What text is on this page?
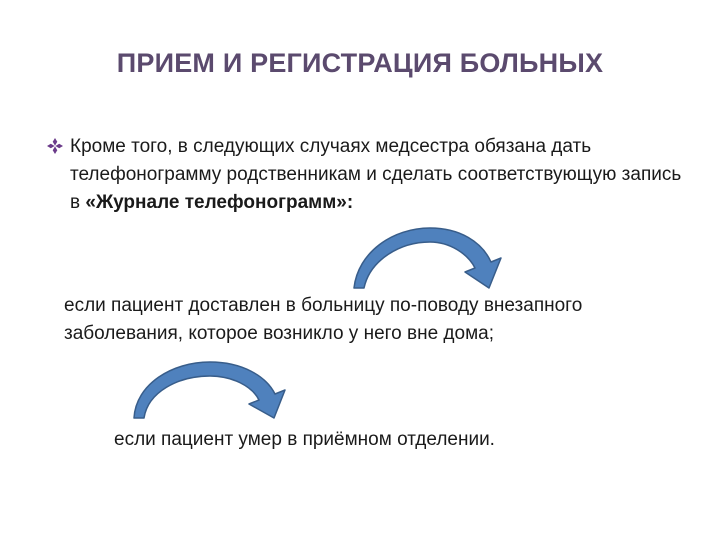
ПРИЕМ И РЕГИСТРАЦИЯ БОЛЬНЫХ
Кроме того, в следующих случаях медсестра обязана дать телефонограмму родственникам и сделать соответствующую запись в «Журнале телефонограмм»:
если пациент доставлен в больницу по-поводу внезапного заболевания, которое возникло у него вне дома;
если пациент умер в приёмном отделении.
